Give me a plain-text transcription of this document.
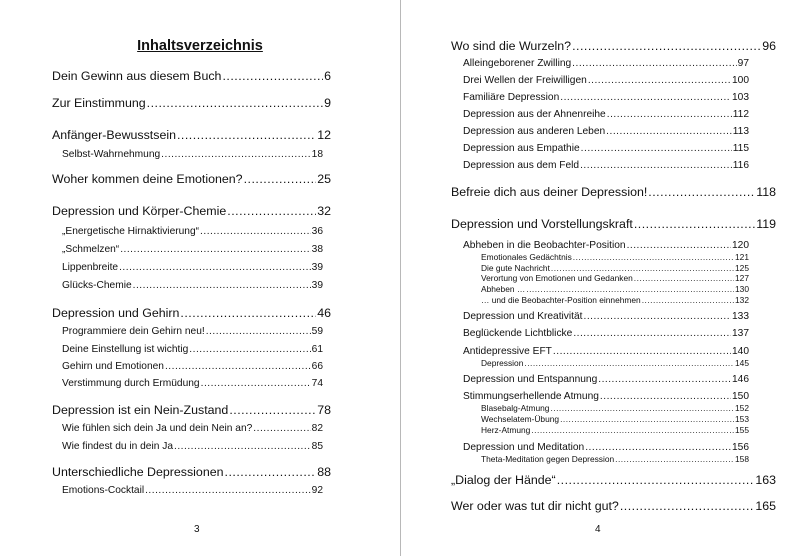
Inhaltsverzeichnis
3
Dein Gewinn aus diesem Buch .....	6
Zur Einstimmung .....	9
Anfänger-Bewusstsein .....	12
Selbst-Wahrnehmung .....	18
Woher kommen deine Emotionen? .....	25
Depression und Körper-Chemie .....	32
„Energetische Hirnaktivierung“ .....	36
„Schmelzen“ .....	38
Lippenbreite .....	39
Glücks-Chemie .....	39
Depression und Gehirn .....	46
Programmiere dein Gehirn neu! .....	59
Deine Einstellung ist wichtig .....	61
Gehirn und Emotionen .....	66
Verstimmung durch Ermüdung .....	74
Depression ist ein Nein-Zustand .....	78
Wie fühlen sich dein Ja und dein Nein an? .....	82
Wie findest du in dein Ja .....	85
Unterschiedliche Depressionen .....	88
Emotions-Cocktail .....	92
4
Wo sind die Wurzeln? .....	96
Alleingeborener Zwilling .....	97
Drei Wellen der Freiwilligen .....	100
Familiäre Depression .....	103
Depression aus der Ahnenreihe .....	112
Depression aus anderen Leben .....	113
Depression aus Empathie .....	115
Depression aus dem Feld .....	116
Befreie dich aus deiner Depression! .....	118
Depression und Vorstellungskraft .....	119
Abheben in die Beobachter-Position .....	120
Emotionales Gedächtnis .....	121
Die gute Nachricht .....	125
Verortung von Emotionen und Gedanken .....	127
Abheben … .....	130
… und die Beobachter-Position einnehmen .....	132
Depression und Kreativität .....	133
Beglückende Lichtblicke .....	137
Antidepressive EFT .....	140
Depression .....	145
Depression und Entspannung .....	146
Stimmungserhellende Atmung .....	150
Blasebalg-Atmung .....	152
Wechselatem-Übung .....	153
Herz-Atmung .....	155
Depression und Meditation .....	156
Theta-Meditation gegen Depression .....	158
„Dialog der Hände“ .....	163
Wer oder was tut dir nicht gut? .....	165
